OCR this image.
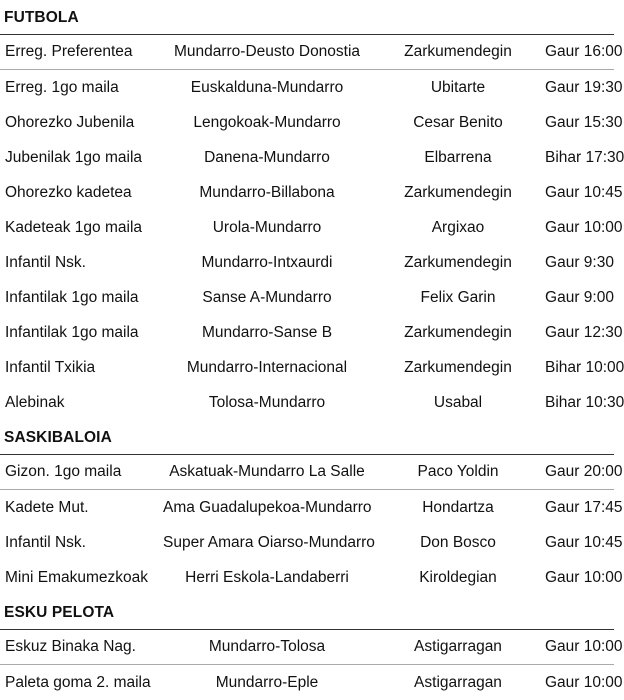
FUTBOLA
Erreg. Preferentea	Mundarro-Deusto Donostia	Zarkumendegin	Gaur 16:00
Erreg. 1go maila	Euskalduna-Mundarro	Ubitarte	Gaur 19:30
Ohorezko Jubenila	Lengokoak-Mundarro	Cesar Benito	Gaur 15:30
Jubenilak 1go maila	Danena-Mundarro	Elbarrena	Bihar 17:30
Ohorezko kadetea	Mundarro-Billabona	Zarkumendegin	Gaur 10:45
Kadeteak 1go maila	Urola-Mundarro	Argixao	Gaur 10:00
Infantil Nsk.	Mundarro-Intxaurdi	Zarkumendegin	Gaur 9:30
Infantilak 1go maila	Sanse A-Mundarro	Felix Garin	Gaur 9:00
Infantilak 1go maila	Mundarro-Sanse B	Zarkumendegin	Gaur 12:30
Infantil Txikia	Mundarro-Internacional	Zarkumendegin	Bihar 10:00
Alebinak	Tolosa-Mundarro	Usabal	Bihar 10:30
SASKIBALOIA
Gizon. 1go maila	Askatuak-Mundarro La Salle	Paco Yoldin	Gaur 20:00
Kadete Mut.	Ama Guadalupekoa-Mundarro	Hondartza	Gaur 17:45
Infantil Nsk.	Super Amara Oiarso-Mundarro	Don Bosco	Gaur 10:45
Mini Emakumezkoak	Herri Eskola-Landaberri	Kiroldegian	Gaur 10:00
ESKU PELOTA
Eskuz Binaka Nag.	Mundarro-Tolosa	Astigarragan	Gaur 10:00
Paleta goma 2. maila	Mundarro-Eple	Astigarragan	Gaur 10:00
